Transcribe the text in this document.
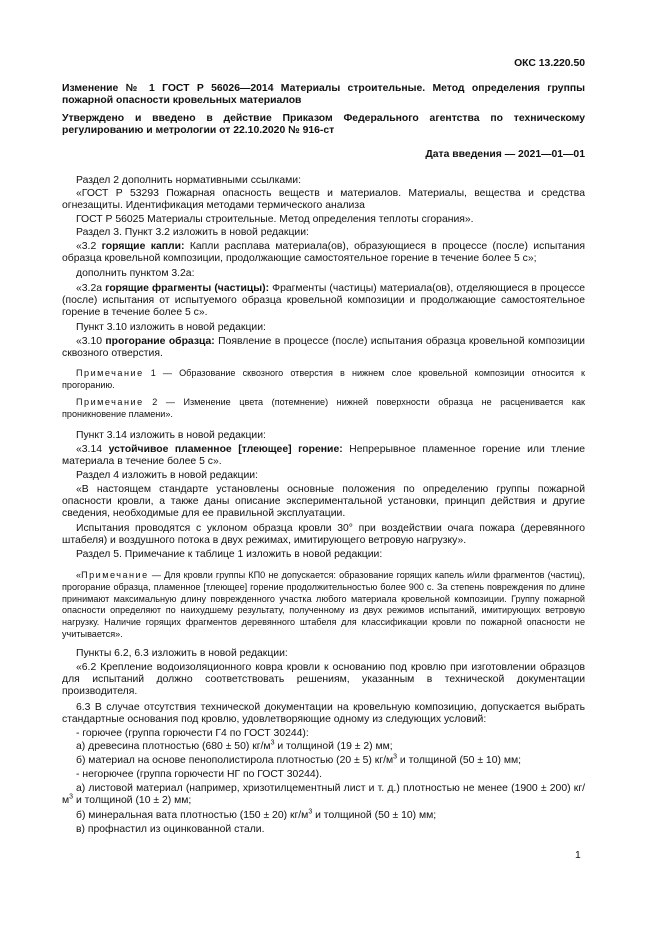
ОКС 13.220.50
Изменение № 1 ГОСТ Р 56026—2014 Материалы строительные. Метод определения группы пожарной опасности кровельных материалов
Утверждено и введено в действие Приказом Федерального агентства по техническому регулированию и метрологии от 22.10.2020 № 916-ст
Дата введения — 2021—01—01
Раздел 2 дополнить нормативными ссылками:
«ГОСТ Р 53293 Пожарная опасность веществ и материалов. Материалы, вещества и средства огнезащиты. Идентификация методами термического анализа
ГОСТ Р 56025 Материалы строительные. Метод определения теплоты сгорания».
Раздел 3. Пункт 3.2 изложить в новой редакции:
«3.2 горящие капли: Капли расплава материала(ов), образующиеся в процессе (после) испытания образца кровельной композиции, продолжающие самостоятельное горение в течение более 5 с»;
дополнить пунктом 3.2а:
«3.2а горящие фрагменты (частицы): Фрагменты (частицы) материала(ов), отделяющиеся в процессе (после) испытания от испытуемого образца кровельной композиции и продолжающие самостоятельное горение в течение более 5 с».
Пункт 3.10 изложить в новой редакции:
«3.10 прогорание образца: Появление в процессе (после) испытания образца кровельной композиции сквозного отверстия.
Примечание 1 — Образование сквозного отверстия в нижнем слое кровельной композиции относится к прогоранию.
Примечание 2 — Изменение цвета (потемнение) нижней поверхности образца не расценивается как проникновение пламени».
Пункт 3.14 изложить в новой редакции:
«3.14 устойчивое пламенное [тлеющее] горение: Непрерывное пламенное горение или тление материала в течение более 5 с».
Раздел 4 изложить в новой редакции:
«В настоящем стандарте установлены основные положения по определению группы пожарной опасности кровли, а также даны описание экспериментальной установки, принцип действия и другие сведения, необходимые для ее правильной эксплуатации.
Испытания проводятся с уклоном образца кровли 30° при воздействии очага пожара (деревянного штабеля) и воздушного потока в двух режимах, имитирующего ветровую нагрузку».
Раздел 5. Примечание к таблице 1 изложить в новой редакции:
«Примечание — Для кровли группы КП0 не допускается: образование горящих капель и/или фрагментов (частиц), прогорание образца, пламенное [тлеющее] горение продолжительностью более 900 с. За степень повреждения по длине принимают максимальную длину поврежденного участка любого материала кровельной композиции. Группу пожарной опасности определяют по наихудшему результату, полученному из двух режимов испытаний, имитирующих ветровую нагрузку. Наличие горящих фрагментов деревянного штабеля для классификации кровли по пожарной опасности не учитывается».
Пункты 6.2, 6.3 изложить в новой редакции:
«6.2 Крепление водоизоляционного ковра кровли к основанию под кровлю при изготовлении образцов для испытаний должно соответствовать решениям, указанным в технической документации производителя.
6.3 В случае отсутствия технической документации на кровельную композицию, допускается выбрать стандартные основания под кровлю, удовлетворяющие одному из следующих условий:
- горючее (группа горючести Г4 по ГОСТ 30244):
а) древесина плотностью (680 ± 50) $кг/м^3$ и толщиной (19 ± 2) мм;
б) материал на основе пенополистирола плотностью (20 ± 5) $кг/м^3$ и толщиной (50 ± 10) мм;
- негорючее (группа горючести НГ по ГОСТ 30244).
а) листовой материал (например, хризотилцементный лист и т. д.) плотностью не менее (1900 ± 200) $кг/м^3$ и толщиной (10 ± 2) мм;
б) минеральная вата плотностью (150 ± 20) $кг/м^3$ и толщиной (50 ± 10) мм;
в) профнастил из оцинкованной стали.
1
